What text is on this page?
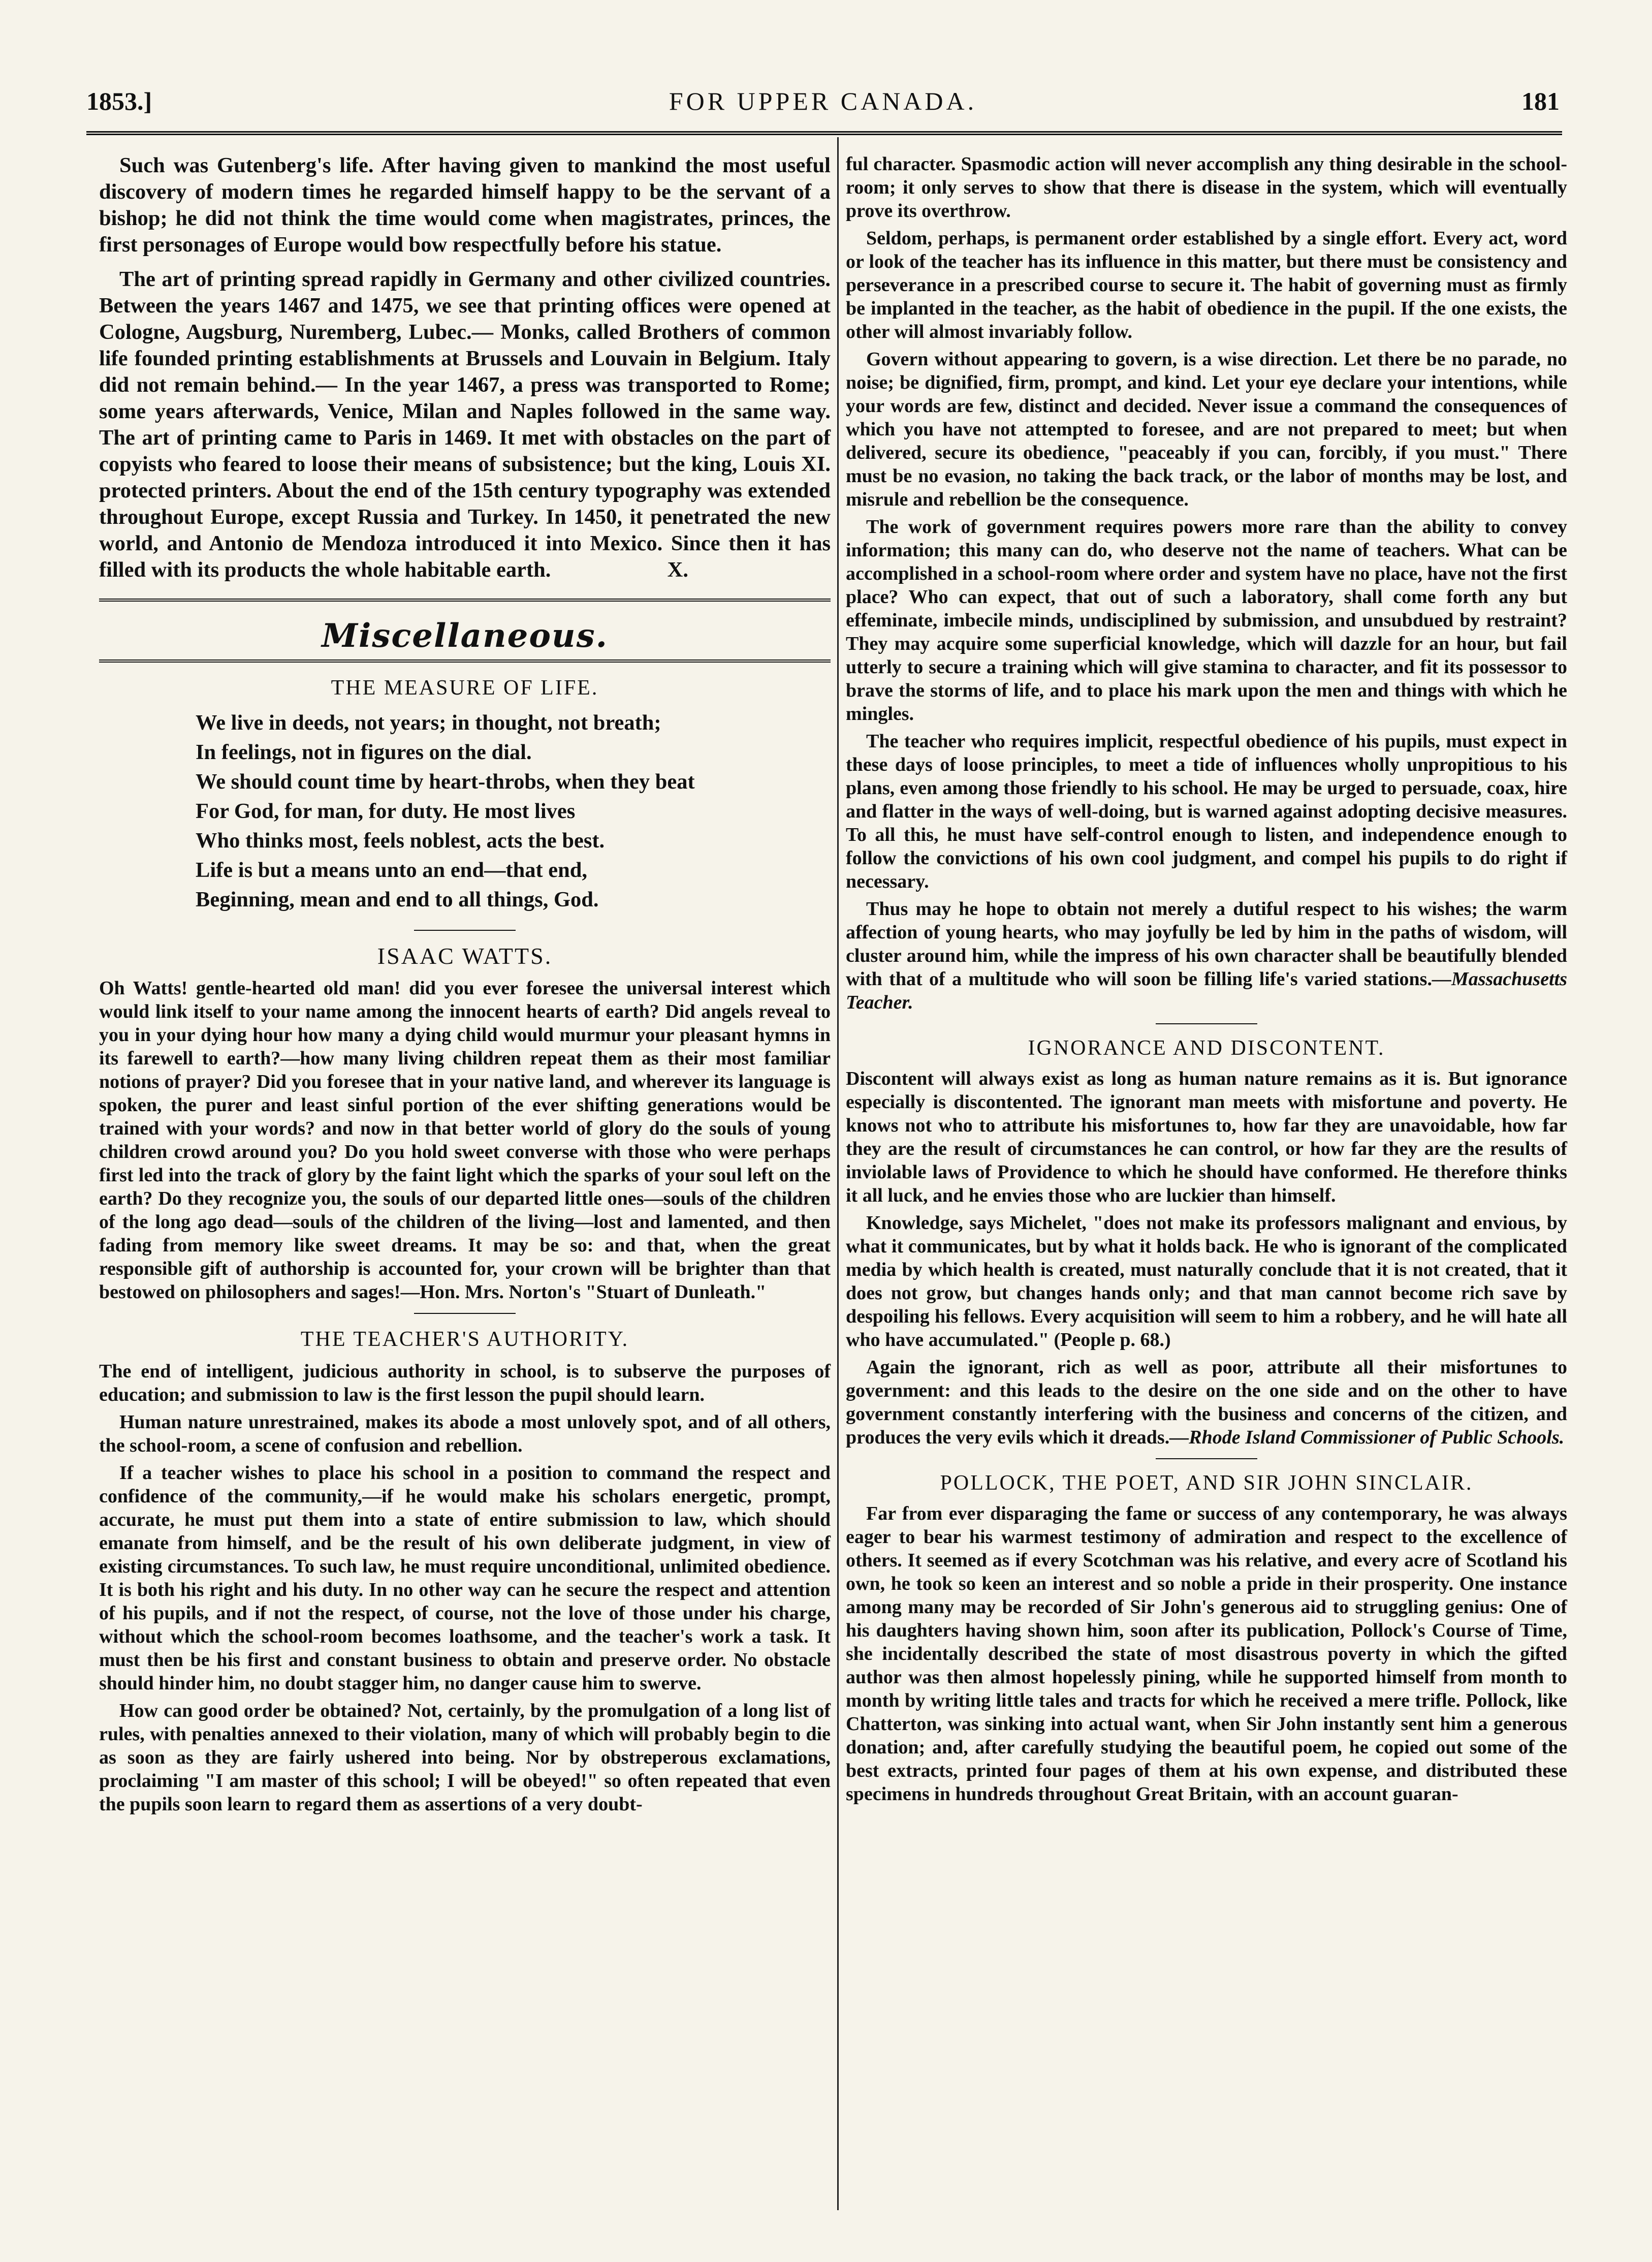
FOR UPPER CANADA.
1853.]	181

Such was Gutenberg's life. After having given to mankind the most useful discovery of modern times he regarded himself happy to be the servant of a bishop; he did not think the time would come when magistrates, princes, the first personages of Europe would bow respectfully before his statue.

The art of printing spread rapidly in Germany and other civilized countries. Between the years 1467 and 1475, we see that printing offices were opened at Cologne, Augsburg, Nuremberg, Lubec.— Monks, called Brothers of common life founded printing establishments at Brussels and Louvain in Belgium. Italy did not remain behind.— In the year 1467, a press was transported to Rome; some years afterwards, Venice, Milan and Naples followed in the same way. The art of printing came to Paris in 1469. It met with obstacles on the part of copyists who feared to loose their means of subsistence; but the king, Louis XI. protected printers. About the end of the 15th century typography was extended throughout Europe, except Russia and Turkey. In 1450, it penetrated the new world, and Antonio de Mendoza introduced it into Mexico. Since then it has filled with its products the whole habitable earth.	X.

Miscellaneous.
THE MEASURE OF LIFE.
We live in deeds, not years; in thought, not breath;
In feelings, not in figures on the dial.
We should count time by heart-throbs, when they beat
For God, for man, for duty. He most lives
Who thinks most, feels noblest, acts the best.
Life is but a means unto an end—that end,
Beginning, mean and end to all things, God.
ISAAC WATTS.

Oh Watts! gentle-hearted old man! did you ever foresee the universal interest which would link itself to your name among the innocent hearts of earth? Did angels reveal to you in your dying hour how many a dying child would murmur your pleasant hymns in its farewell to earth?—how many living children repeat them as their most familiar notions of prayer? Did you foresee that in your native land, and wherever its language is spoken, the purer and least sinful portion of the ever shifting generations would be trained with your words? and now in that better world of glory do the souls of young children crowd around you? Do you hold sweet converse with those who were perhaps first led into the track of glory by the faint light which the sparks of your soul left on the earth? Do they recognize you, the souls of our departed little ones—souls of the children of the long ago dead—souls of the children of the living—lost and lamented, and then fading from memory like sweet dreams. It may be so: and that, when the great responsible gift of authorship is accounted for, your crown will be brighter than that bestowed on philosophers and sages!—Hon. Mrs. Norton's "Stuart of Dunleath."

THE TEACHER'S AUTHORITY.

The end of intelligent, judicious authority in school, is to subserve the purposes of education; and submission to law is the first lesson the pupil should learn.

Human nature unrestrained, makes its abode a most unlovely spot, and of all others, the school-room, a scene of confusion and rebellion.

If a teacher wishes to place his school in a position to command the respect and confidence of the community,—if he would make his scholars energetic, prompt, accurate, he must put them into a state of entire submission to law, which should emanate from himself, and be the result of his own deliberate judgment, in view of existing circumstances. To such law, he must require unconditional, unlimited obedience. It is both his right and his duty. In no other way can he secure the respect and attention of his pupils, and if not the respect, of course, not the love of those under his charge, without which the school-room becomes loathsome, and the teacher's work a task. It must then be his first and constant business to obtain and preserve order. No obstacle should hinder him, no doubt stagger him, no danger cause him to swerve.

How can good order be obtained? Not, certainly, by the promulgation of a long list of rules, with penalties annexed to their violation, many of which will probably begin to die as soon as they are fairly ushered into being. Nor by obstreperous exclamations, proclaiming "I am master of this school; I will be obeyed!" so often repeated that even the pupils soon learn to regard them as assertions of a very doubt-

ful character. Spasmodic action will never accomplish any thing desirable in the school-room; it only serves to show that there is disease in the system, which will eventually prove its overthrow.

Seldom, perhaps, is permanent order established by a single effort. Every act, word or look of the teacher has its influence in this matter, but there must be consistency and perseverance in a prescribed course to secure it. The habit of governing must as firmly be implanted in the teacher, as the habit of obedience in the pupil. If the one exists, the other will almost invariably follow.

Govern without appearing to govern, is a wise direction. Let there be no parade, no noise; be dignified, firm, prompt, and kind. Let your eye declare your intentions, while your words are few, distinct and decided. Never issue a command the consequences of which you have not attempted to foresee, and are not prepared to meet; but when delivered, secure its obedience, "peaceably if you can, forcibly, if you must." There must be no evasion, no taking the back track, or the labor of months may be lost, and misrule and rebellion be the consequence.

The work of government requires powers more rare than the ability to convey information; this many can do, who deserve not the name of teachers. What can be accomplished in a school-room where order and system have no place, have not the first place? Who can expect, that out of such a laboratory, shall come forth any but effeminate, imbecile minds, undisciplined by submission, and unsubdued by restraint? They may acquire some superficial knowledge, which will dazzle for an hour, but fail utterly to secure a training which will give stamina to character, and fit its possessor to brave the storms of life, and to place his mark upon the men and things with which he mingles.

The teacher who requires implicit, respectful obedience of his pupils, must expect in these days of loose principles, to meet a tide of influences wholly unpropitious to his plans, even among those friendly to his school. He may be urged to persuade, coax, hire and flatter in the ways of well-doing, but is warned against adopting decisive measures. To all this, he must have self-control enough to listen, and independence enough to follow the convictions of his own cool judgment, and compel his pupils to do right if necessary.

Thus may he hope to obtain not merely a dutiful respect to his wishes; the warm affection of young hearts, who may joyfully be led by him in the paths of wisdom, will cluster around him, while the impress of his own character shall be beautifully blended with that of a multitude who will soon be filling life's varied stations.—Massachusetts Teacher.

IGNORANCE AND DISCONTENT.

Discontent will always exist as long as human nature remains as it is. But ignorance especially is discontented. The ignorant man meets with misfortune and poverty. He knows not who to attribute his misfortunes to, how far they are unavoidable, how far they are the result of circumstances he can control, or how far they are the results of inviolable laws of Providence to which he should have conformed. He therefore thinks it all luck, and he envies those who are luckier than himself.

Knowledge, says Michelet, "does not make its professors malignant and envious, by what it communicates, but by what it holds back. He who is ignorant of the complicated media by which health is created, must naturally conclude that it is not created, that it does not grow, but changes hands only; and that man cannot become rich save by despoiling his fellows. Every acquisition will seem to him a robbery, and he will hate all who have accumulated." (People p. 68.)

Again the ignorant, rich as well as poor, attribute all their misfortunes to government: and this leads to the desire on the one side and on the other to have government constantly interfering with the business and concerns of the citizen, and produces the very evils which it dreads.—Rhode Island Commissioner of Public Schools.

POLLOCK, THE POET, AND SIR JOHN SINCLAIR.

Far from ever disparaging the fame or success of any contemporary, he was always eager to bear his warmest testimony of admiration and respect to the excellence of others. It seemed as if every Scotchman was his relative, and every acre of Scotland his own, he took so keen an interest and so noble a pride in their prosperity. One instance among many may be recorded of Sir John's generous aid to struggling genius: One of his daughters having shown him, soon after its publication, Pollock's Course of Time, she incidentally described the state of most disastrous poverty in which the gifted author was then almost hopelessly pining, while he supported himself from month to month by writing little tales and tracts for which he received a mere trifle. Pollock, like Chatterton, was sinking into actual want, when Sir John instantly sent him a generous donation; and, after carefully studying the beautiful poem, he copied out some of the best extracts, printed four pages of them at his own expense, and distributed these specimens in hundreds throughout Great Britain, with an account guaran-
